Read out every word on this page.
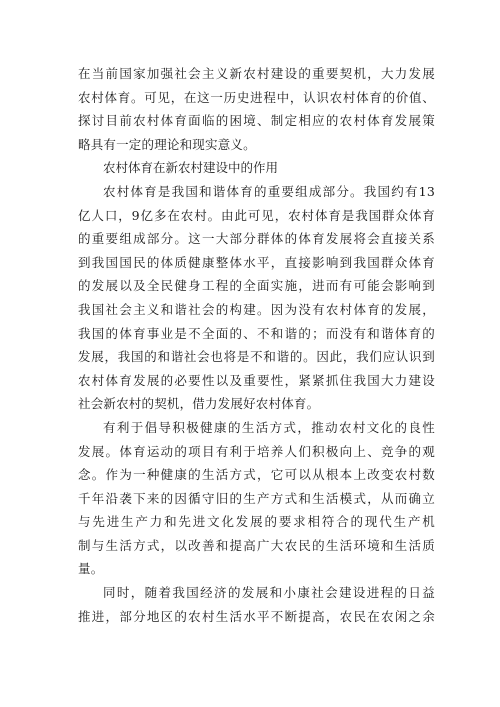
在当前国家加强社会主义新农村建设的重要契机，大力发展
农村体育。可见，在这一历史进程中，认识农村体育的价值、
探讨目前农村体育面临的困境、制定相应的农村体育发展策
略具有一定的理论和现实意义。
农村体育在新农村建设中的作用
农村体育是我国和谐体育的重要组成部分。我国约有13
亿人口，9亿多在农村。由此可见，农村体育是我国群众体育
的重要组成部分。这一大部分群体的体育发展将会直接关系
到我国国民的体质健康整体水平，直接影响到我国群众体育
的发展以及全民健身工程的全面实施，进而有可能会影响到
我国社会主义和谐社会的构建。因为没有农村体育的发展，
我国的体育事业是不全面的、不和谐的；而没有和谐体育的
发展，我国的和谐社会也将是不和谐的。因此，我们应认识到
农村体育发展的必要性以及重要性，紧紧抓住我国大力建设
社会新农村的契机，借力发展好农村体育。
有利于倡导积极健康的生活方式，推动农村文化的良性
发展。体育运动的项目有利于培养人们积极向上、竞争的观
念。作为一种健康的生活方式，它可以从根本上改变农村数
千年沿袭下来的因循守旧的生产方式和生活模式，从而确立
与先进生产力和先进文化发展的要求相符合的现代生产机
制与生活方式，以改善和提高广大农民的生活环境和生活质
量。
同时，随着我国经济的发展和小康社会建设进程的日益
推进，部分地区的农村生活水平不断提高，农民在农闲之余
